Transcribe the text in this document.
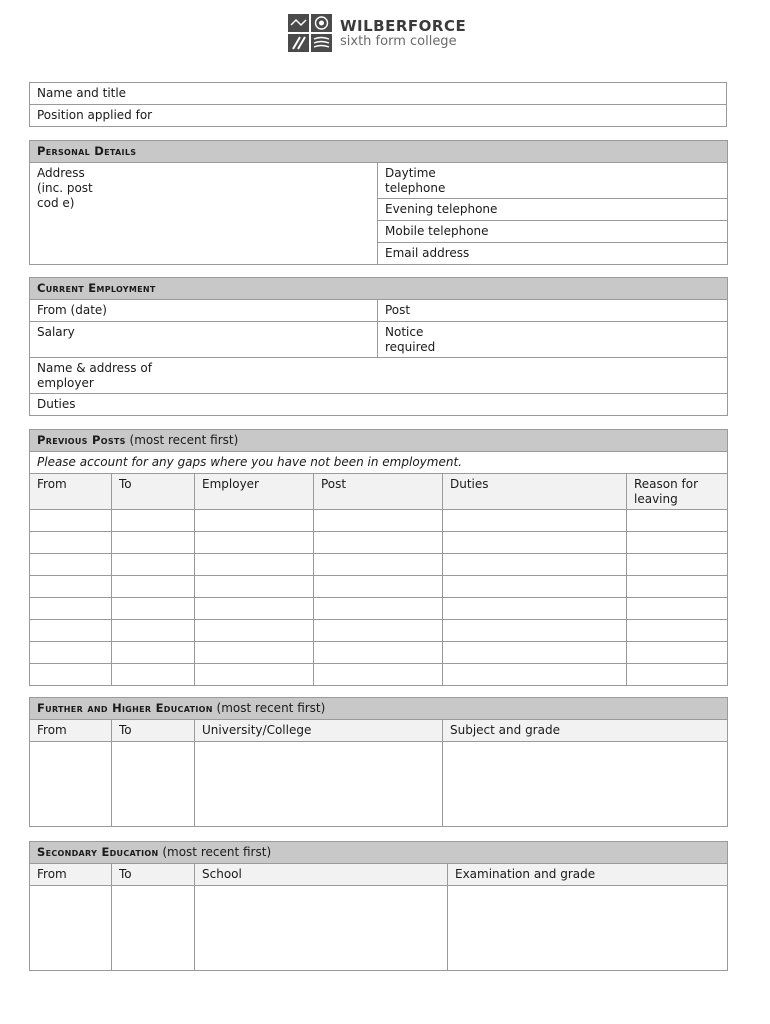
WILBERFORCE
sixth form college
Name and title
Position applied for
Personal Details

Address (inc. postcod e)

Daytime telephone

Evening telephone
Mobile telephone
Email address
Current Employment	
From (date)	Post
Salary	Notice required

Name & address of employer	

Duties	
Previous Posts (most recent first)					
Please account for any gaps where you have not been in employment.					
From	To	Employer	Post	Duties	Reason for leaving

Further and Higher Education (most recent first)			
From	To	University/College	Subject and grade

Secondary Education (most recent first)			
From	To	School	Examination and grade
